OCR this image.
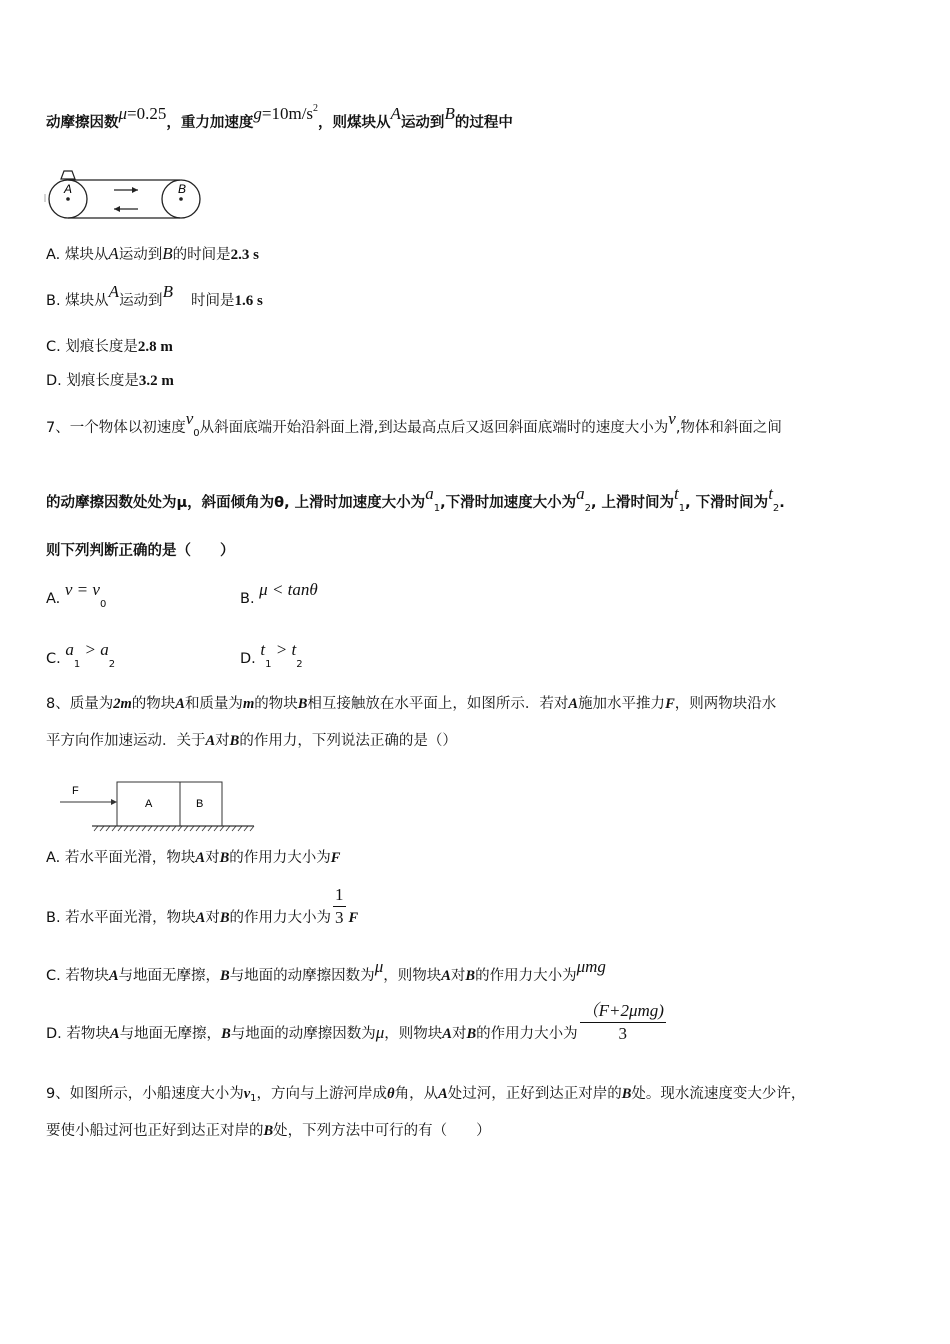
动摩擦因数μ=0.25，重力加速度$g=10m/s^2$，则煤块从A运动到B的过程中
A	B
A. 煤块从A运动到B的时间是2.3 s
B. 煤块从A运动到B 时间是1.6 s
C. 划痕长度是2.8 m
D. 划痕长度是3.2 m
7、一个物体以初速度$v_0$从斜面底端开始沿斜面上滑,到达最高点后又返回斜面底端时的速度大小为v,物体和斜面之间
的动摩擦因数处处为μ，斜面倾角为θ, 上滑时加速度大小为$a_1$,下滑时加速度大小为$a_2$, 上滑时间为$t_1$, 下滑时间为$t_2$.
则下列判断正确的是（　　）
A. $v = v_0$	B. μ < tanθ
C. $a_1 > a_2$	D. $t_1 > t_2$
8、质量为2m的物块A和质量为m的物块B相互接触放在水平面上，如图所示．若对A施加水平推力F，则两物块沿水
平方向作加速运动．关于A对B的作用力，下列说法正确的是（）
F
A	B
A. 若水平面光滑，物块A对B的作用力大小为F
B. 若水平面光滑，物块A对B的作用力大小为 $\frac{1}{3}$ F
C. 若物块A与地面无摩擦，B与地面的动摩擦因数为μ，则物块A对B的作用力大小为μmg
D. 若物块A与地面无摩擦，B与地面的动摩擦因数为μ，则物块A对B的作用力大小为 $\frac{\text{（F+2μmg)}}{3}$
9、如图所示，小船速度大小为$v_1$，方向与上游河岸成θ角，从A处过河，正好到达正对岸的B处。现水流速度变大少许，
要使小船过河也正好到达正对岸的B处，下列方法中可行的有（　　）
